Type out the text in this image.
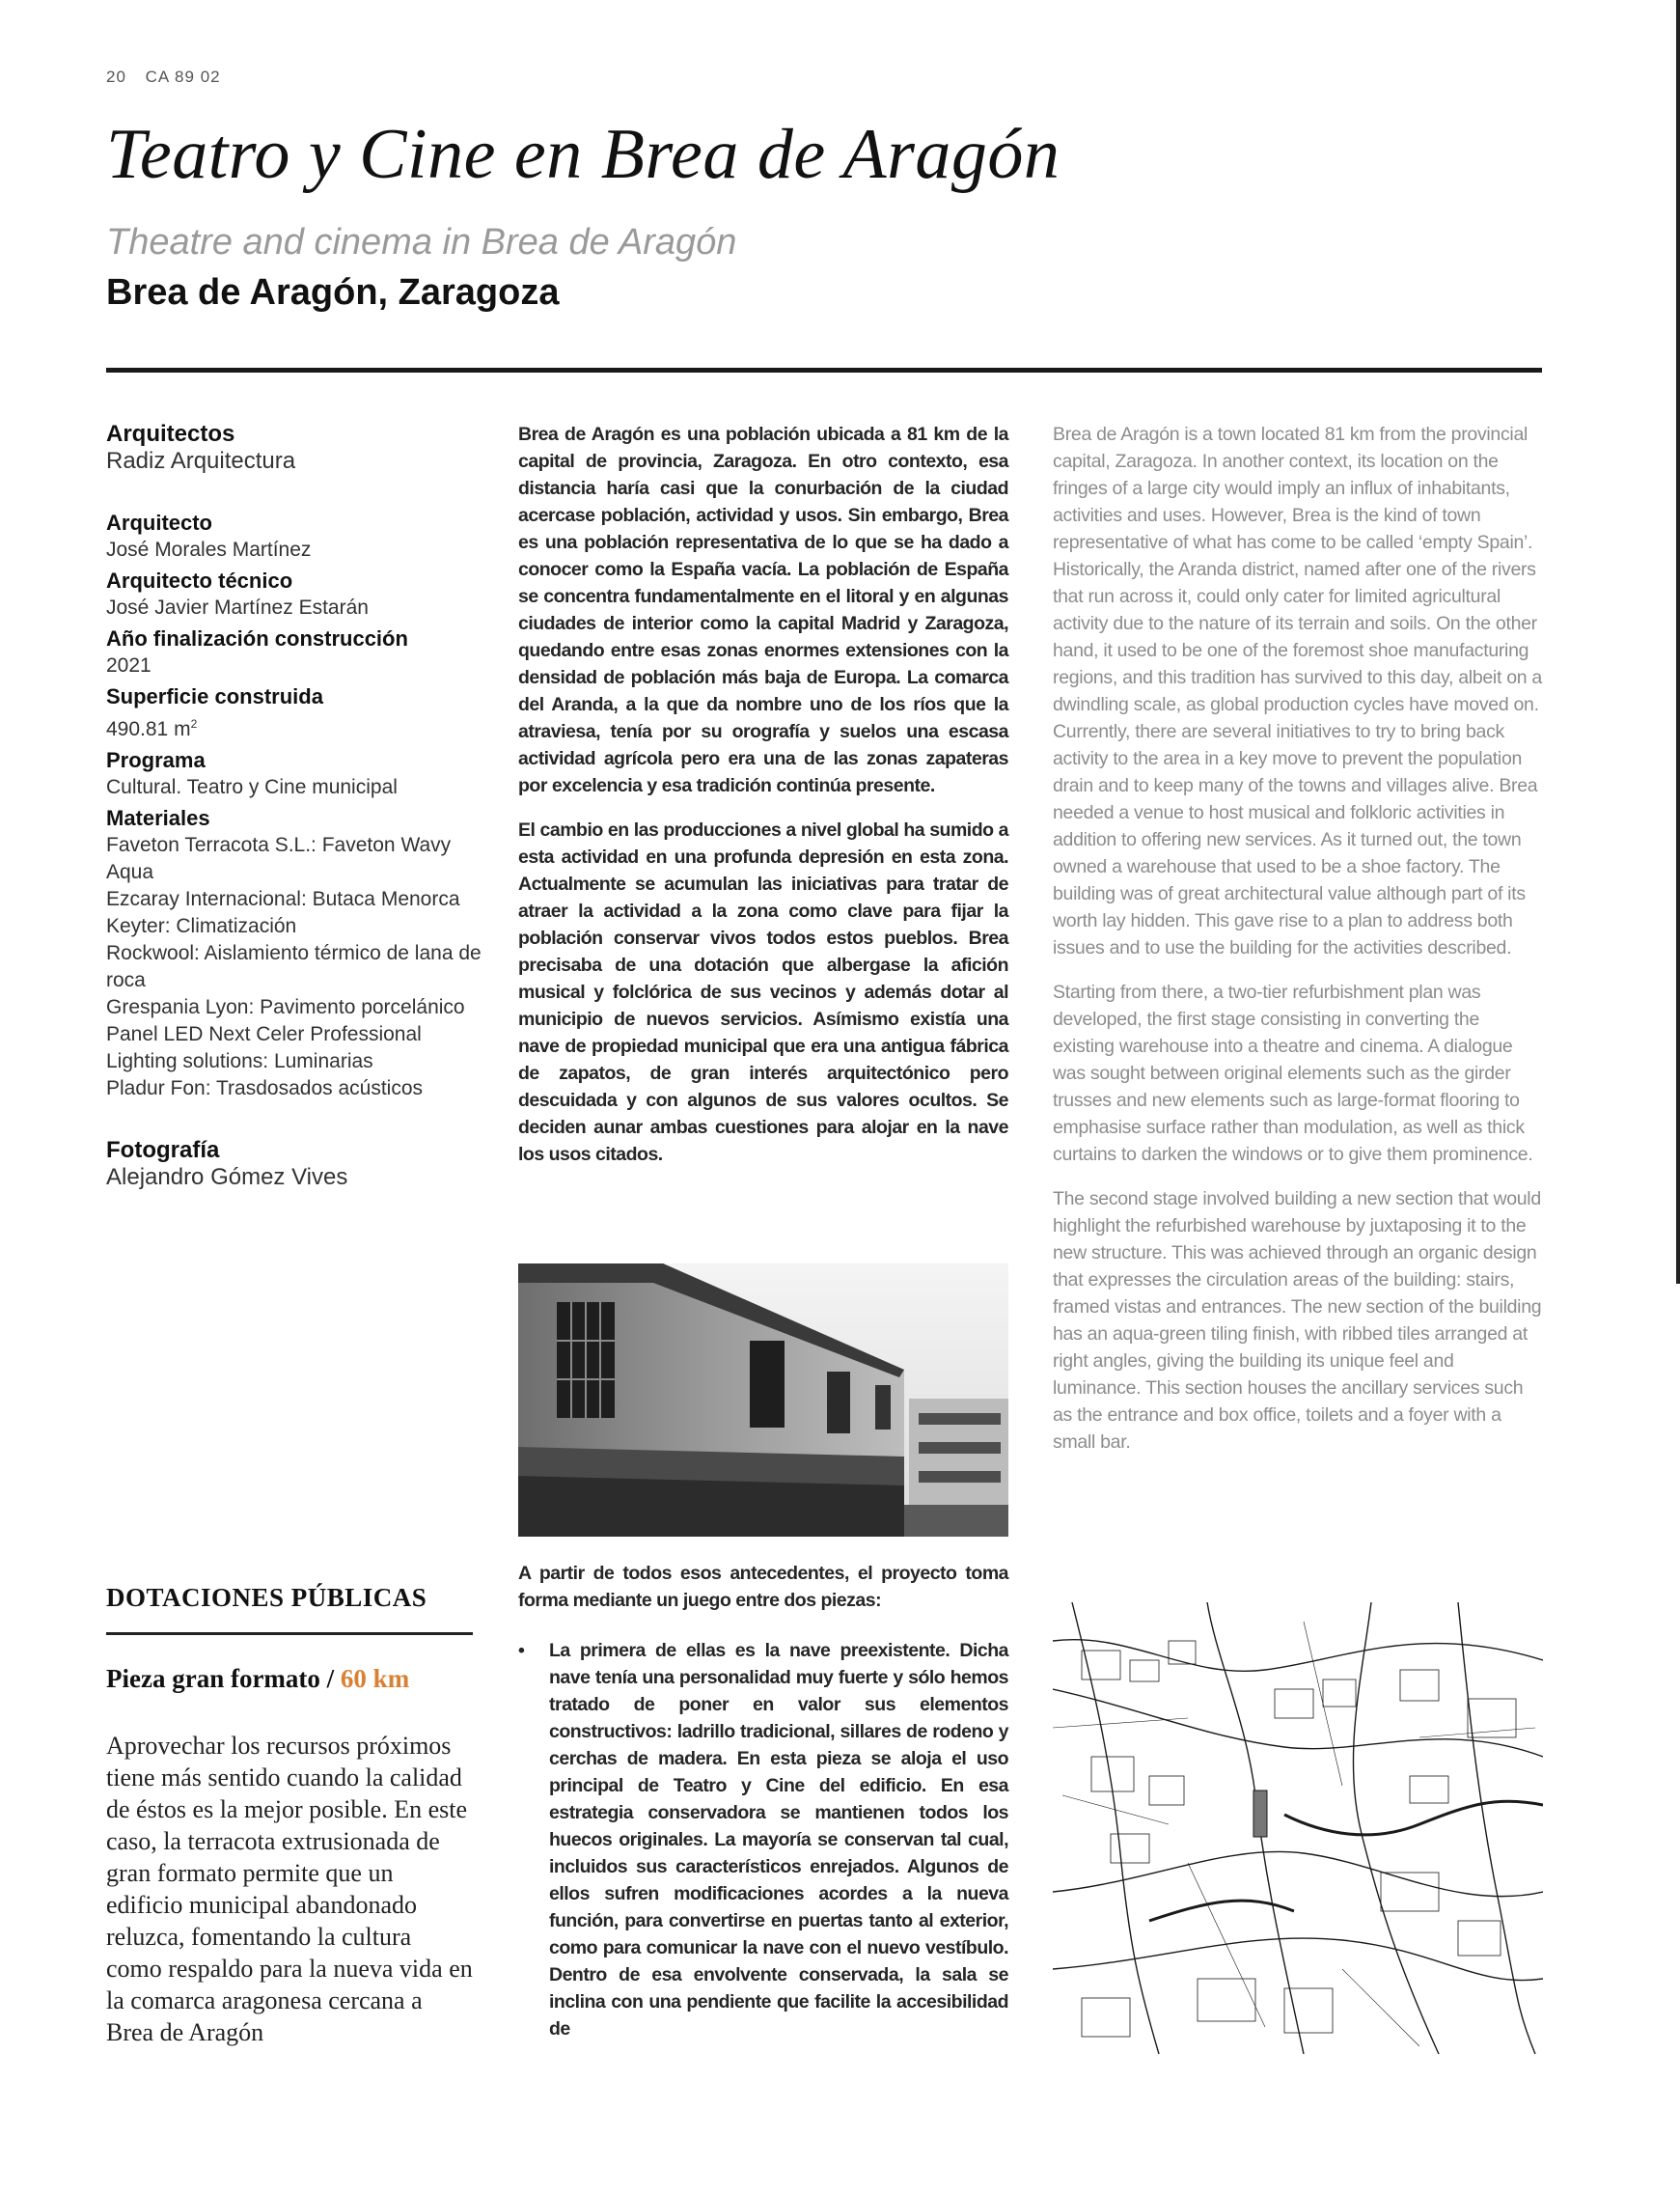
20 CA 89 02
Teatro y Cine en Brea de Aragón
Theatre and cinema in Brea de Aragón
Brea de Aragón, Zaragoza
Arquitectos
Radiz Arquitectura
Arquitecto
José Morales Martínez
Arquitecto técnico
José Javier Martínez Estarán
Año finalización construcción
2021
Superficie construida
490.81 $m^2$
Programa
Cultural. Teatro y Cine municipal
Materiales
Faveton Terracota S.L.: Faveton Wavy Aqua
Ezcaray Internacional: Butaca Menorca
Keyter: Climatización
Rockwool: Aislamiento térmico de lana de roca
Grespania Lyon: Pavimento porcelánico
Panel LED Next Celer Professional
Lighting solutions: Luminarias
Pladur Fon: Trasdosados acústicos
Fotografía
Alejandro Gómez Vives

Brea de Aragón es una población ubicada a 81 km de la capital de provincia, Zaragoza. En otro contexto, esa distancia haría casi que la conurbación de la ciudad acercase población, actividad y usos. Sin embargo, Brea es una población representativa de lo que se ha dado a conocer como la España vacía. La población de España se concentra fundamentalmente en el litoral y en algunas ciudades de interior como la capital Madrid y Zaragoza, quedando entre esas zonas enormes extensiones con la densidad de población más baja de Europa. La comarca del Aranda, a la que da nombre uno de los ríos que la atraviesa, tenía por su orografía y suelos una escasa actividad agrícola pero era una de las zonas zapateras por excelencia y esa tradición continúa presente.

El cambio en las producciones a nivel global ha sumido a esta actividad en una profunda depresión en esta zona. Actualmente se acumulan las iniciativas para tratar de atraer la actividad a la zona como clave para fijar la población conservar vivos todos estos pueblos. Brea precisaba de una dotación que albergase la afición musical y folclórica de sus vecinos y además dotar al municipio de nuevos servicios. Asímismo existía una nave de propiedad municipal que era una antigua fábrica de zapatos, de gran interés arquitectónico pero descuidada y con algunos de sus valores ocultos. Se deciden aunar ambas cuestiones para alojar en la nave los usos citados.

Brea de Aragón is a town located 81 km from the provincial capital, Zaragoza. In another context, its location on the fringes of a large city would imply an influx of inhabitants, activities and uses. However, Brea is the kind of town representative of what has come to be called ‘empty Spain’. Historically, the Aranda district, named after one of the rivers that run across it, could only cater for limited agricultural activity due to the nature of its terrain and soils. On the other hand, it used to be one of the foremost shoe manufacturing regions, and this tradition has survived to this day, albeit on a dwindling scale, as global production cycles have moved on. Currently, there are several initiatives to try to bring back activity to the area in a key move to prevent the population drain and to keep many of the towns and villages alive. Brea needed a venue to host musical and folkloric activities in addition to offering new services. As it turned out, the town owned a warehouse that used to be a shoe factory. The building was of great architectural value although part of its worth lay hidden. This gave rise to a plan to address both issues and to use the building for the activities described.

Starting from there, a two-tier refurbishment plan was developed, the first stage consisting in converting the existing warehouse into a theatre and cinema. A dialogue was sought between original elements such as the girder trusses and new elements such as large-format flooring to emphasise surface rather than modulation, as well as thick curtains to darken the windows or to give them prominence.

The second stage involved building a new section that would highlight the refurbished warehouse by juxtaposing it to the new structure. This was achieved through an organic design that expresses the circulation areas of the building: stairs, framed vistas and entrances. The new section of the building has an aqua-green tiling finish, with ribbed tiles arranged at right angles, giving the building its unique feel and luminance. This section houses the ancillary services such as the entrance and box office, toilets and a foyer with a small bar.

A partir de todos esos antecedentes, el proyecto toma forma mediante un juego entre dos piezas:

• La primera de ellas es la nave preexistente. Dicha nave tenía una personalidad muy fuerte y sólo hemos tratado de poner en valor sus elementos constructivos: ladrillo tradicional, sillares de rodeno y cerchas de madera. En esta pieza se aloja el uso principal de Teatro y Cine del edificio. En esa estrategia conservadora se mantienen todos los huecos originales. La mayoría se conservan tal cual, incluidos sus característicos enrejados. Algunos de ellos sufren modificaciones acordes a la nueva función, para convertirse en puertas tanto al exterior, como para comunicar la nave con el nuevo vestíbulo. Dentro de esa envolvente conservada, la sala se inclina con una pendiente que facilite la accesibilidad de

DOTACIONES PÚBLICAS
Pieza gran formato / 60 km
Aprovechar los recursos próximos tiene más sentido cuando la calidad de éstos es la mejor posible. En este caso, la terracota extrusionada de gran formato permite que un edificio municipal abandonado reluzca, fomentando la cultura como respaldo para la nueva vida en la comarca aragonesa cercana a Brea de Aragón
